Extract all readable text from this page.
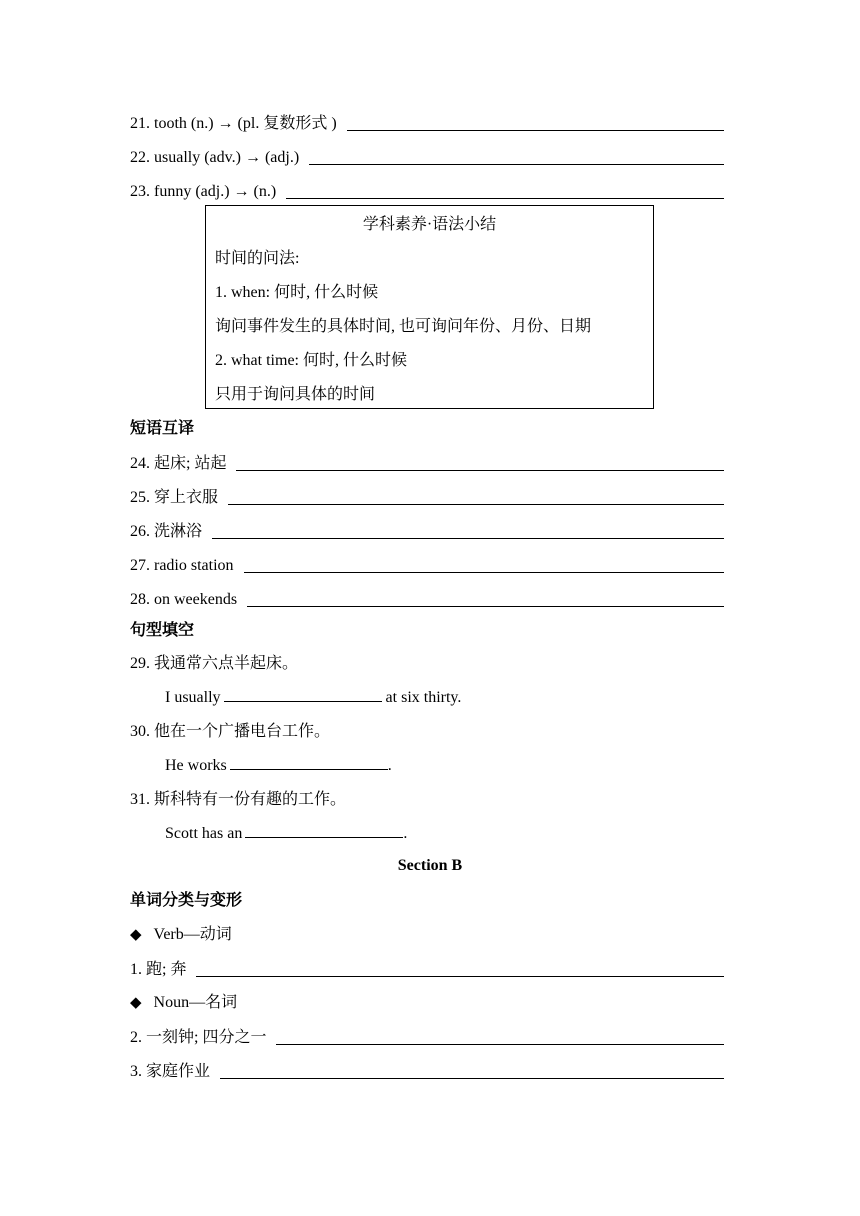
21. tooth (n.) → (pl. 复数形式 )
22. usually (adv.) → (adj.)
23. funny (adj.) → (n.)
学科素养·语法小结
时间的问法:
1. when: 何时, 什么时候
询问事件发生的具体时间, 也可询问年份、月份、日期
2. what time: 何时, 什么时候
只用于询问具体的时间
短语互译
24. 起床; 站起
25. 穿上衣服
26. 洗淋浴
27. radio station
28. on weekends
句型填空
29. 我通常六点半起床。
I usually	at six thirty.
30. 他在一个广播电台工作。
He works	.
31. 斯科特有一份有趣的工作。
Scott has an	.
Section B
单词分类与变形
◆ Verb—动词
1. 跑; 奔
◆ Noun—名词
2. 一刻钟; 四分之一
3. 家庭作业
